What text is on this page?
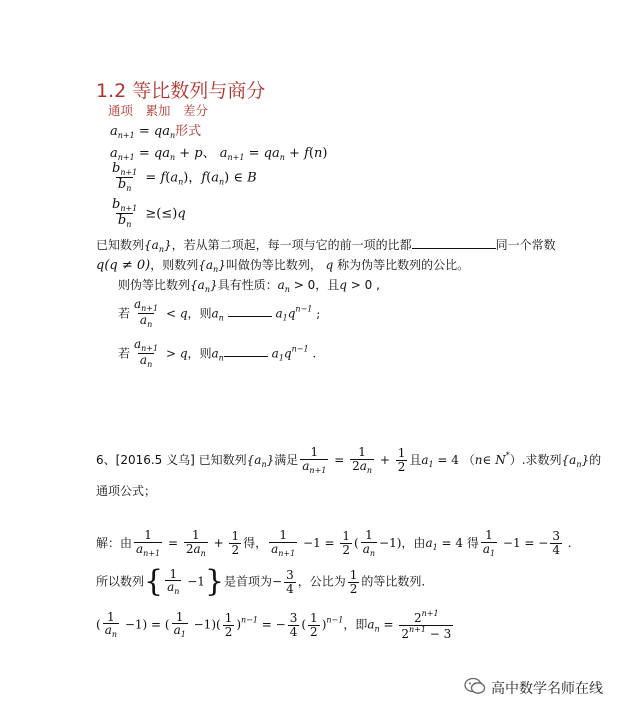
1.2 等比数列与商分
通项　累加　差分
$a_{n+1} = qa_n$形式
$a_{n+1} = qa_n + p$、 $a_{n+1} = qa_n + f(n)$
$\frac{b_{n+1}}{b_n} = f(a_n)$，$f(a_n)$ ∈ B
$\frac{b_{n+1}}{b_n} \ge(\le)q$
已知数列$\{a_n\}$，若从第二项起，每一项与它的前一项的比都	同一个常数
q(q ≠ 0)，则数列$\{a_n\}$叫做伪等比数列， q 称为伪等比数列的公比。
则伪等比数列$\{a_n\}$具有性质：$a_n > 0$，且q > 0 ,
若 $\frac{a_{n+1}}{a_n} < q$，则$a_n$	$a_1q^{n-1}$ ;
若 $\frac{a_{n+1}}{a_n} > q$，则$a_n$	$a_1q^{n-1}$ .
6、[2016.5 义乌] 已知数列$\{a_n\}$满足 $\frac{1}{a_{n+1}} = \frac{1}{2a_n} + \frac{1}{2}$ 且$a_1 = 4$ （n∈ N*）.求数列$\{a_n\}$的
通项公式；
解：由 $\frac{1}{a_{n+1}} = \frac{1}{2a_n} + \frac{1}{2}$ 得， $\frac{1}{a_{n+1}} -1 = \frac{1}{2}$ ( $\frac{1}{a_n} -1$)，由$a_1 = 4$ 得 $\frac{1}{a_1} -1$ = − $\frac{3}{4}$ .
所以数列{ $\frac{1}{a_n} -1$}是首项为− $\frac{3}{4}$ ，公比为 $\frac{1}{2}$ 的等比数列.
( $\frac{1}{a_n} -1$) = ( $\frac{1}{a_1} -1)( \frac{1}{2} )^{n-1}$ = − $\frac{3}{4}$ ( $\frac{1}{2} )^{n-1}$，即$a_n = \frac{2^{n+1}}{2^{n+1} - 3}$
高中数学名师在线
